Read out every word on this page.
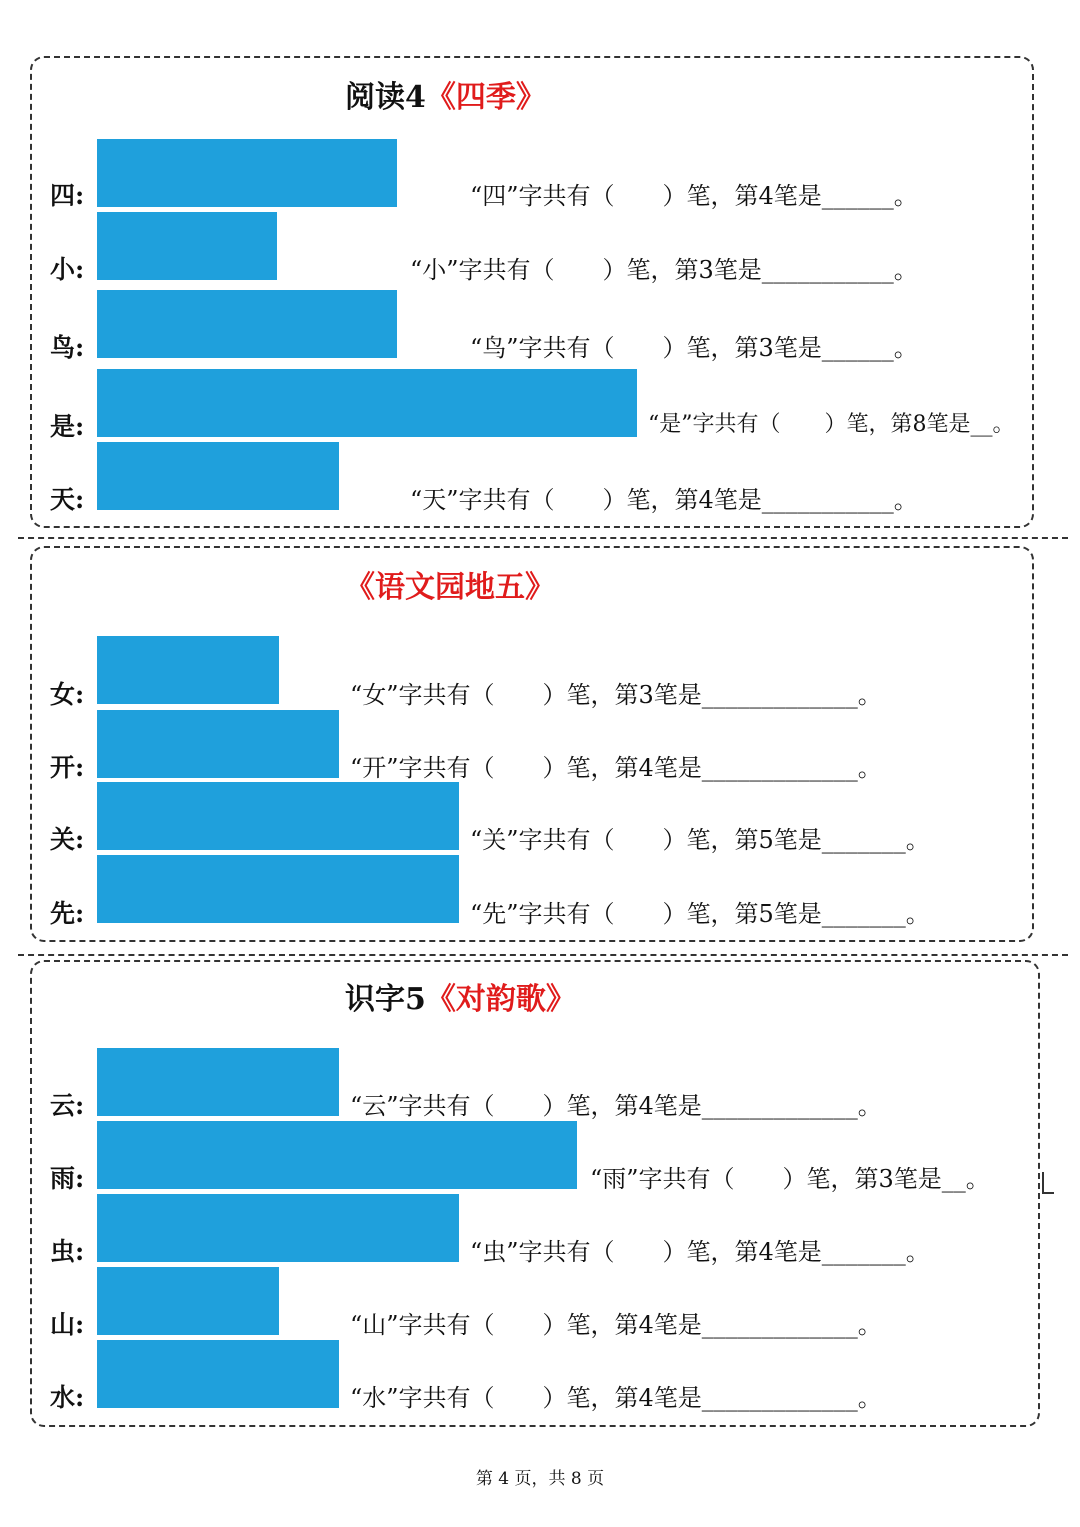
阅读4《四季》
四:	“四”字共有（　　）笔，第4笔是______。
小:	“小”字共有（　　）笔，第3笔是___________。
鸟:	“鸟”字共有（　　）笔，第3笔是______。
是:	“是”字共有（　　）笔，第8笔是__。
天:	“天”字共有（　　）笔，第4笔是___________。
《语文园地五》
女:	“女”字共有（　　）笔，第3笔是_____________。
开:	“开”字共有（　　）笔，第4笔是_____________。
关:	“关”字共有（　　）笔，第5笔是_______。
先:	“先”字共有（　　）笔，第5笔是_______。
识字5《对韵歌》
云:	“云”字共有（　　）笔，第4笔是_____________。
雨:	“雨”字共有（　　）笔，第3笔是__。
虫:	“虫”字共有（　　）笔，第4笔是_______。
山:	“山”字共有（　　）笔，第4笔是_____________。
水:	“水”字共有（　　）笔，第4笔是_____________。
第 4 页，共 8 页
